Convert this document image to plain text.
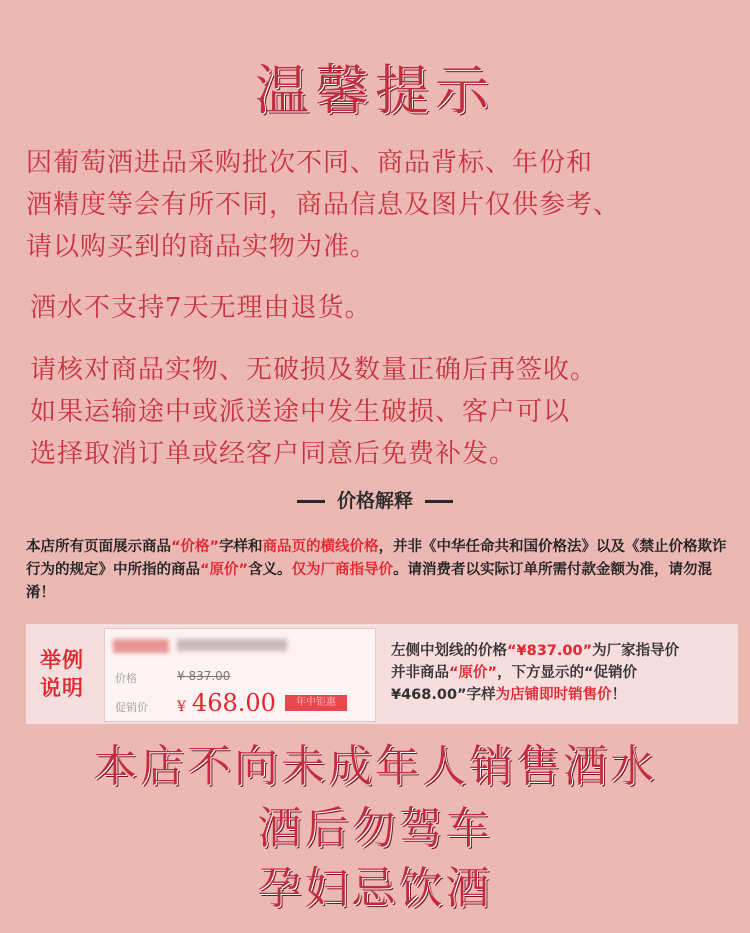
温馨提示
因葡萄酒进品采购批次不同、商品背标、年份和
酒精度等会有所不同，商品信息及图片仅供参考、
请以购买到的商品实物为准。
酒水不支持7天无理由退货。
请核对商品实物、无破损及数量正确后再签收。
如果运输途中或派送途中发生破损、客户可以
选择取消订单或经客户同意后免费补发。
价格解释
本店所有页面展示商品“价格”字样和商品页的横线价格，并非《中华任命共和国价格法》以及《禁止价格欺诈行为的规定》中所指的商品“原价”含义。仅为厂商指导价。请消费者以实际订单所需付款金额为准，请勿混淆！
举例说明	价格	¥ 837.00
促销价 ¥ 468.00	年中钜惠
左侧中划线的价格“¥837.00”为厂家指导价
并非商品“原价”，下方显示的“促销价
¥468.00”字样为店铺即时销售价！
本店不向未成年人销售酒水
酒后勿驾车
孕妇忌饮酒
